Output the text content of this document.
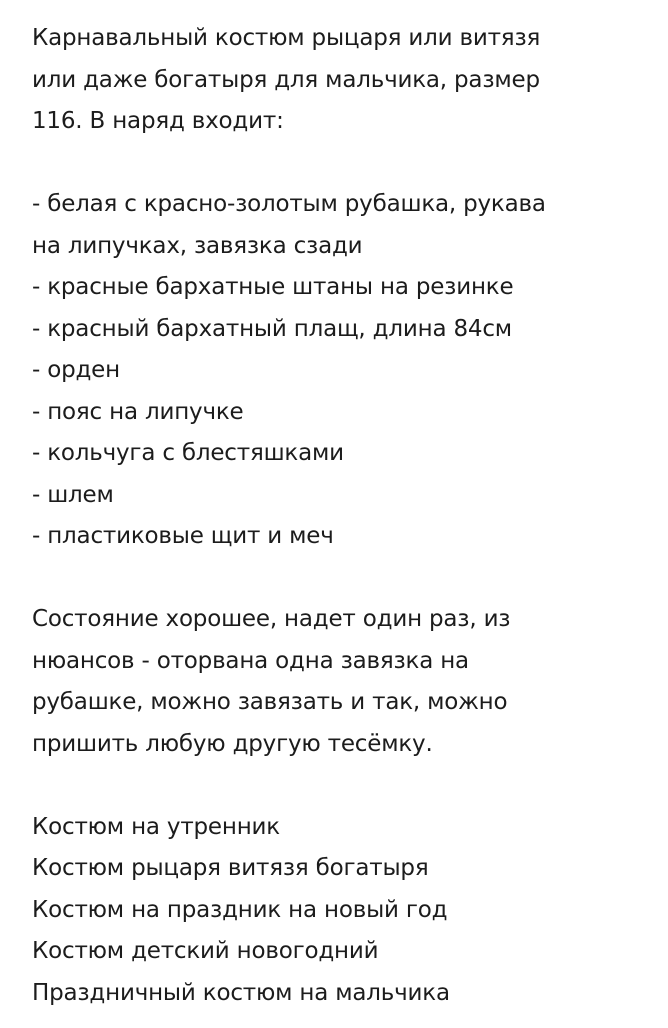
Карнавальный костюм рыцаря или витязя
или даже богатыря для мальчика, размер
116. В наряд входит:
- белая с красно-золотым рубашка, рукава
на липучках, завязка сзади
- красные бархатные штаны на резинке
- красный бархатный плащ, длина 84см
- орден
- пояс на липучке
- кольчуга с блестяшками
- шлем
- пластиковые щит и меч
Состояние хорошее, надет один раз, из
нюансов - оторвана одна завязка на
рубашке, можно завязать и так, можно
пришить любую другую тесёмку.
Костюм на утренник
Костюм рыцаря витязя богатыря
Костюм на праздник на новый год
Костюм детский новогодний
Праздничный костюм на мальчика
